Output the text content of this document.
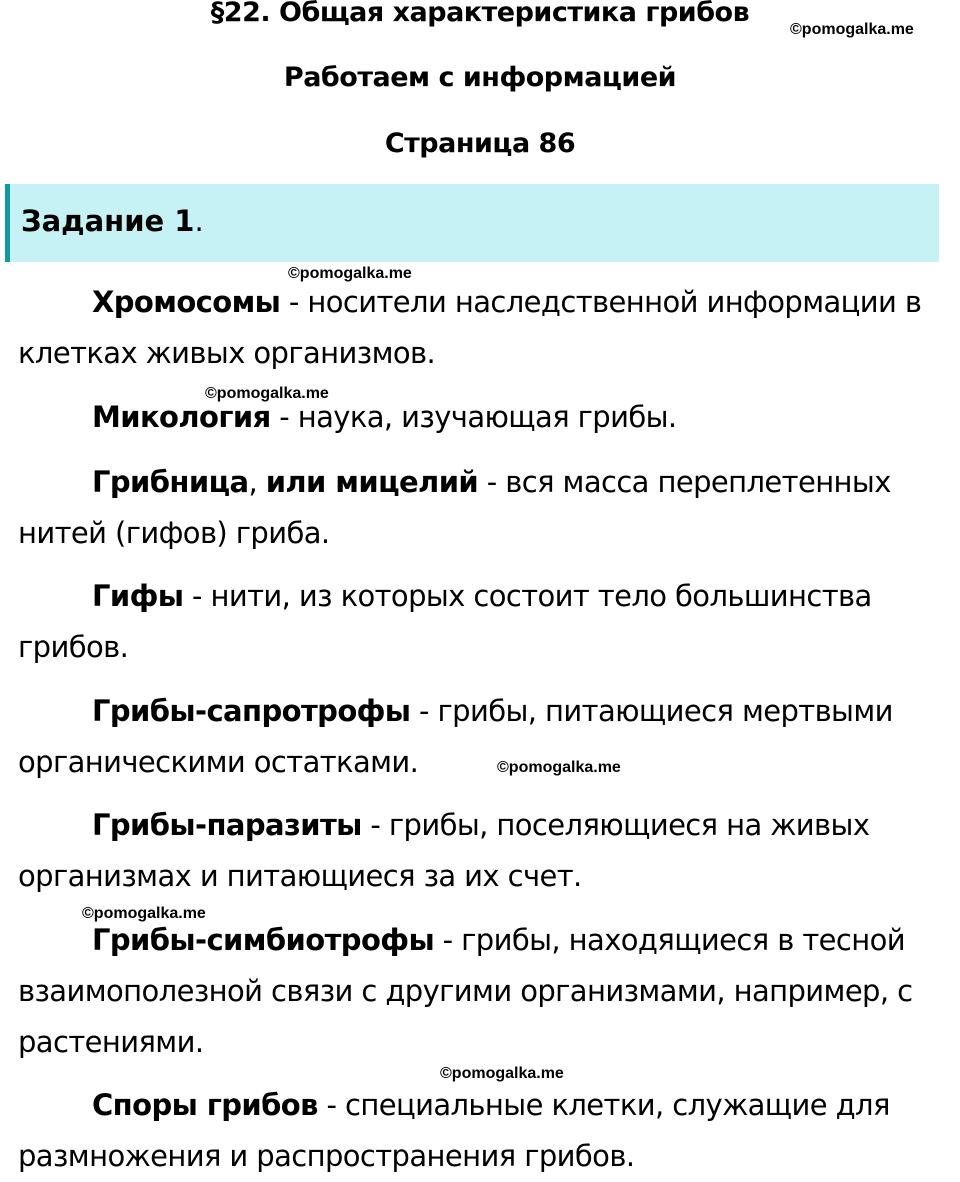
§22. Общая характеристика грибов
©pomogalka.me
Работаем с информацией
Страница 86
Задание 1.
©pomogalka.me
©pomogalka.me
©pomogalka.me
©pomogalka.me
©pomogalka.me

Хромосомы - носители наследственной информации в
клетках живых организмов.

Микология - наука, изучающая грибы.

Грибница, или мицелий - вся масса переплетенных
нитей (гифов) гриба.

Гифы - нити, из которых состоит тело большинства
грибов.

Грибы-сапротрофы - грибы, питающиеся мертвыми
органическими остатками.

Грибы-паразиты - грибы, поселяющиеся на живых
организмах и питающиеся за их счет.

Грибы-симбиотрофы - грибы, находящиеся в тесной
взаимополезной связи с другими организмами, например, с
растениями.

Споры грибов - специальные клетки, служащие для
размножения и распространения грибов.
